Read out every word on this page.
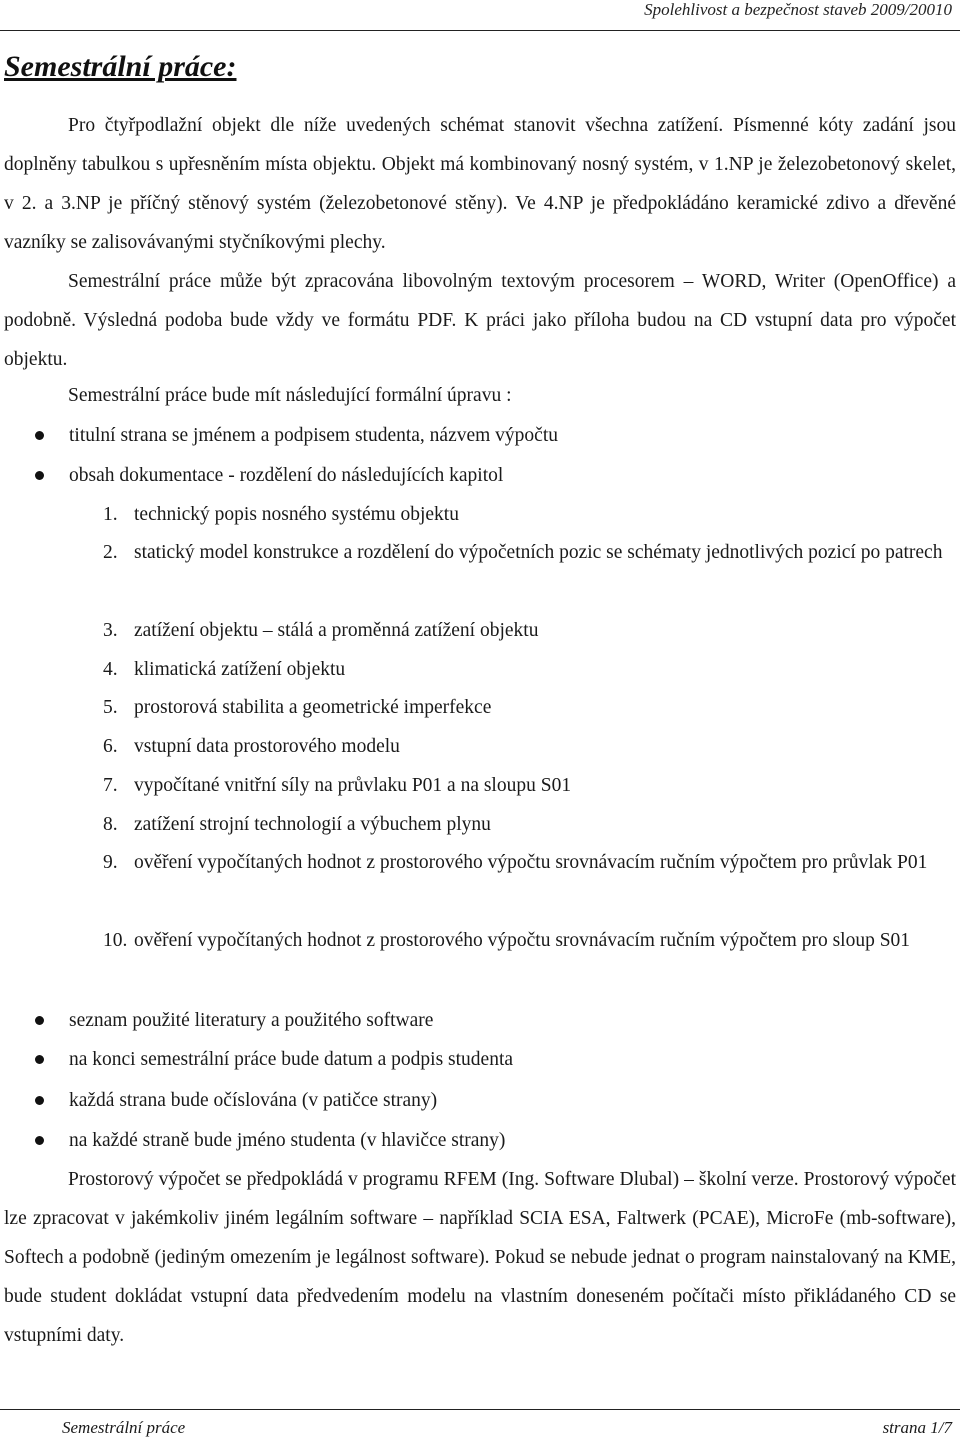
Spolehlivost a bezpečnost staveb 2009/20010
Semestrální práce:
Pro čtyřpodlažní objekt dle níže uvedených schémat stanovit všechna zatížení. Písmenné kóty zadání jsou doplněny tabulkou s upřesněním místa objektu. Objekt má kombinovaný nosný systém, v 1.NP je železobetonový skelet, v 2. a 3.NP je příčný stěnový systém (železobetonové stěny). Ve 4.NP je předpokládáno keramické zdivo a dřevěné vazníky se zalisovávanými styčníkovými plechy.
Semestrální práce může být zpracována libovolným textovým procesorem – WORD, Writer (OpenOffice) a podobně. Výsledná podoba bude vždy ve formátu PDF. K práci jako příloha budou na CD vstupní data pro výpočet objektu.
Semestrální práce bude mít následující formální úpravu :
titulní strana se jménem a podpisem studenta, názvem výpočtu
obsah dokumentace - rozdělení do následujících kapitol
1. technický popis nosného systému objektu
2. statický model konstrukce a rozdělení do výpočetních pozic se schématy jednotlivých pozicí po patrech
3. zatížení objektu – stálá a proměnná zatížení objektu
4. klimatická zatížení objektu
5. prostorová stabilita a geometrické imperfekce
6. vstupní data prostorového modelu
7. vypočítané vnitřní síly na průvlaku P01 a na sloupu S01
8. zatížení strojní technologií a výbuchem plynu
9. ověření vypočítaných hodnot z prostorového výpočtu srovnávacím ručním výpočtem pro průvlak P01
10. ověření vypočítaných hodnot z prostorového výpočtu srovnávacím ručním výpočtem pro sloup S01
seznam použité literatury a použitého software
na konci semestrální práce bude datum a podpis studenta
každá strana bude očíslována (v patičce strany)
na každé straně bude jméno studenta (v hlavičce strany)
Prostorový výpočet se předpokládá v programu RFEM (Ing. Software Dlubal) – školní verze. Prostorový výpočet lze zpracovat v jakémkoliv jiném legálním software – například SCIA ESA, Faltwerk (PCAE), MicroFe (mb-software), Softech a podobně (jediným omezením je legálnost software). Pokud se nebude jednat o program nainstalovaný na KME, bude student dokládat vstupní data předvedením modelu na vlastním doneseném počítači místo přikládaného CD se vstupními daty.
Semestrální práce	strana 1/7
